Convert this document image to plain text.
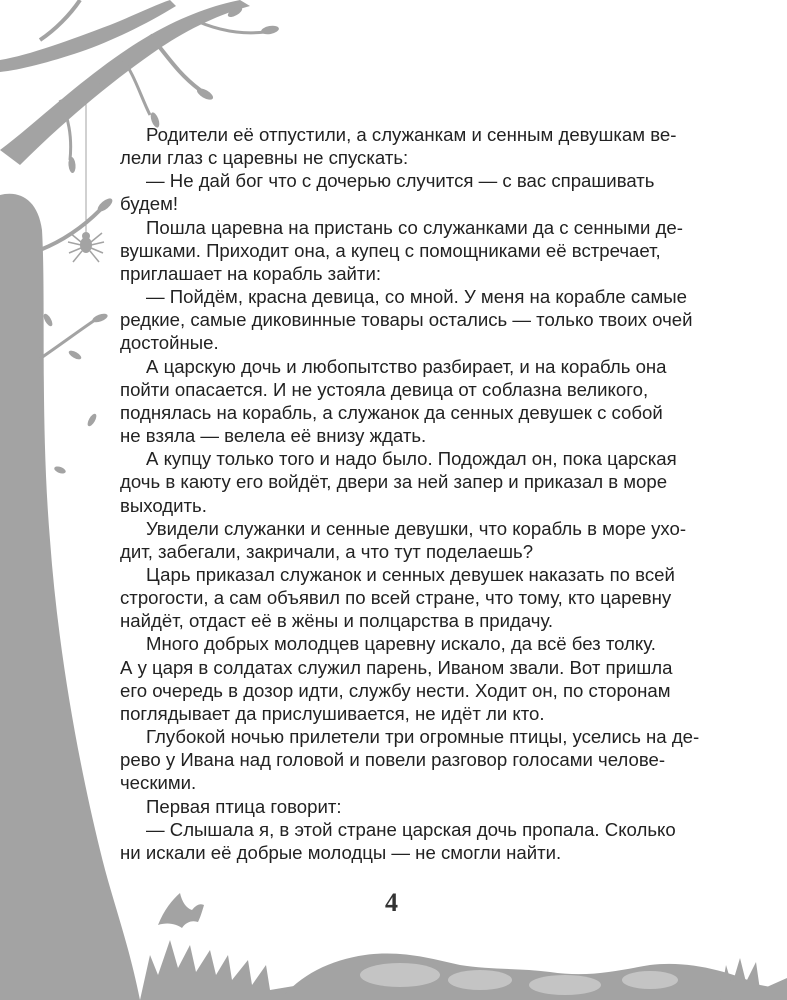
Родители её отпустили, а служанкам и сенным девушкам ве-

лели глаз с царевны не спускать:

— Не дай бог что с дочерью случится — с вас спрашивать

будем!

Пошла царевна на пристань со служанками да с сенными де-

вушками. Приходит она, а купец с помощниками её встречает,

приглашает на корабль зайти:

— Пойдём, красна девица, со мной. У меня на корабле самые

редкие, самые диковинные товары остались — только твоих очей

достойные.

А царскую дочь и любопытство разбирает, и на корабль она

пойти опасается. И не устояла девица от соблазна великого,

поднялась на корабль, а служанок да сенных девушек с собой

не взяла — велела её внизу ждать.

А купцу только того и надо было. Подождал он, пока царская

дочь в каюту его войдёт, двери за ней запер и приказал в море

выходить.

Увидели служанки и сенные девушки, что корабль в море ухо-

дит, забегали, закричали, а что тут поделаешь?

Царь приказал служанок и сенных девушек наказать по всей

строгости, а сам объявил по всей стране, что тому, кто царевну

найдёт, отдаст её в жёны и полцарства в придачу.

Много добрых молодцев царевну искало, да всё без толку.

А у царя в солдатах служил парень, Иваном звали. Вот пришла

его очередь в дозор идти, службу нести. Ходит он, по сторонам

поглядывает да прислушивается, не идёт ли кто.

Глубокой ночью прилетели три огромные птицы, уселись на де-

рево у Ивана над головой и повели разговор голосами челове-

ческими.

Первая птица говорит:

— Слышала я, в этой стране царская дочь пропала. Сколько

ни искали её добрые молодцы — не смогли найти.

4
